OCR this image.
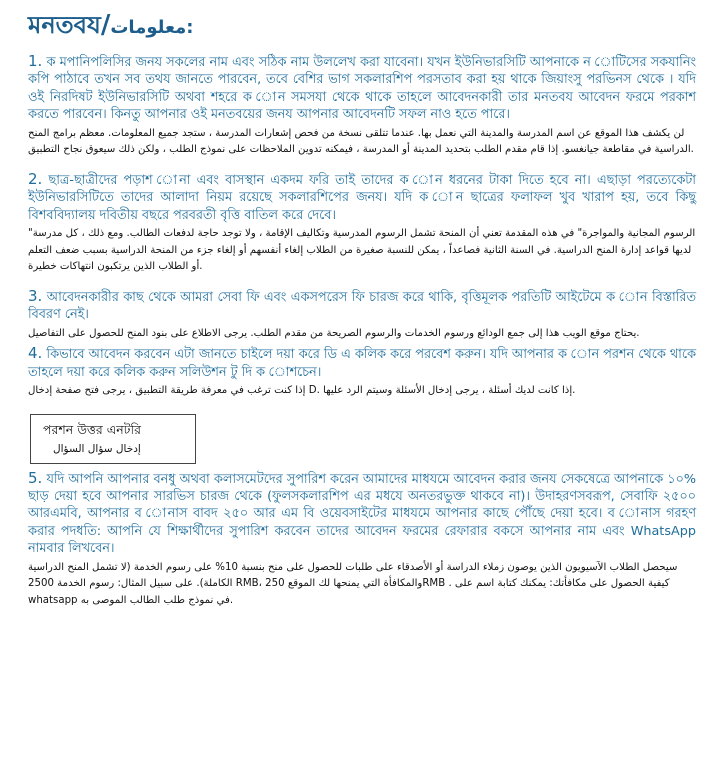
মনতবয/معلومات:

1. ক মপানিপলিসির জনয সকলের নাম এবং সঠিক নাম উললেখ করা যাবেনা। যখন ইউনিভারসিটি আপনাকে ন োটিসের সকযানিং কপি পাঠাবে তখন সব তথয জানতে পারবেন, তবে বেশির ভাগ সকলারশিপ পরসতাব করা হয় থাকে জিয়াংসু পরভিনস থেকে । যদি ওই নিরদিষট ইউনিভারসিটি অথবা শহরে ক োন সমসযা থেকে থাকে তাহলে আবেদনকারী তার মনতবয আবেদন ফরমে পরকাশ করতে পারবেন। কিনতু আপনার ওই মনতবয়ের জনয আপনার আবেদনটি সফল নাও হতে পারে।

لن يكشف هذا الموقع عن اسم المدرسة والمدينة التي نعمل بها. عندما تتلقى نسخة من فحص إشعارات المدرسة ، ستجد جميع المعلومات. معظم برامج المنح الدراسية في مقاطعة جيانغسو. إذا قام مقدم الطلب بتحديد المدينة أو المدرسة ، فيمكنه تدوين الملاحظات على نموذج الطلب ، ولكن ذلك سيعوق نجاح التطبيق.

2. ছাত্র-ছাত্রীদের পড়াশ োনা এবং বাসস্থান একদম ফরি তাই তাদের ক োন ধরনের টাকা দিতে হবে না। এছাড়া পরত্যেকেটা ইউনিভারসিটিতে তাদের আলাদা নিয়ম রয়েছে সকলারশিপের জনয। যদি ক োন ছাত্রের ফলাফল খুব খারাপ হয়, তবে কিছু বিশববিদ্যালয় দবিতীয় বছরে পরবরতী বৃত্তি বাতিল করে দেবে।

"الرسوم المجانية والمواجرة" في هذه المقدمة تعني أن المنحة تشمل الرسوم المدرسية وتكاليف الإقامة ، ولا توجد حاجة لدفعات الطالب. ومع ذلك ، كل مدرسة لديها قواعد إدارة المنح الدراسية. في السنة الثانية فصاعداً ، يمكن للنسبة صغيرة من الطلاب إلغاء أنفسهم أو إلغاء جزء من المنحة الدراسية بسبب ضعف التعلم أو الطلاب الذين يرتكبون انتهاكات خطيرة.

3. আবেদনকারীর কাছ থেকে আমরা সেবা ফি এবং একসপরেস ফি চারজ করে থাকি, বৃত্তিমূলক পরতিটি আইটেমে ক োন বিস্তারিত বিবরণ নেই।

يحتاج موقع الويب هذا إلى جمع الودائع ورسوم الخدمات والرسوم الصريحة من مقدم الطلب. يرجى الاطلاع على بنود المنح للحصول على التفاصيل.

4. কিভাবে আবেদন করবেন এটা জানতে চাইলে দয়া করে ডি এ কলিক করে পরবেশ করুন। যদি আপনার ক োন পরশন থেকে থাকে তাহলে দয়া করে কলিক করুন সলিউশন টু দি ক োশচেন।

إذا كنت ترغب في معرفة طريقة التطبيق ، يرجى فتح صفحة إدخال D. إذا كانت لديك أسئلة ، يرجى إدخال الأسئلة وسيتم الرد عليها.

পরশন উত্তর এনটরি

إدخال سؤال السؤال

5. যদি আপনি আপনার বনধু অথবা কলাসমেটদের সুপারিশ করেন আমাদের মাধযমে আবেদন করার জনয সেকষেত্রে আপনাকে ১০% ছাড় দেয়া হবে আপনার সারভিস চারজ থেকে (ফুলসকলারশিপ এর মধযে অনতরভুক্ত থাকবে না)। উদাহরণসবরূপ, সেবাফি ২৫০০ আরএমবি, আপনার ব োনাস বাবদ ২৫০ আর এম বি ওয়েবসাইটের মাধযমে আপনার কাছে পৌঁছে দেয়া হবে। ব োনাস গরহণ করার পদধতি: আপনি যে শিক্ষার্থীদের সুপারিশ করবেন তাদের আবেদন ফরমের রেফারার বকসে আপনার নাম এবং WhatsApp নামবার লিখবেন।

سيحصل الطلاب الآسيويون الذين يوصون زملاء الدراسة أو الأصدقاء على طلبات للحصول على منح بنسبة 10% على رسوم الخدمة (لا تشمل المنح الدراسية الكاملة). على سبيل المثال: رسوم الخدمة 2500 RMB، والمكافأة التي يمنحها لك الموقع 250RMB . كيفية الحصول على مكافأتك: يمكنك كتابة اسم على whatsapp في نموذج طلب الطالب الموصى به.
